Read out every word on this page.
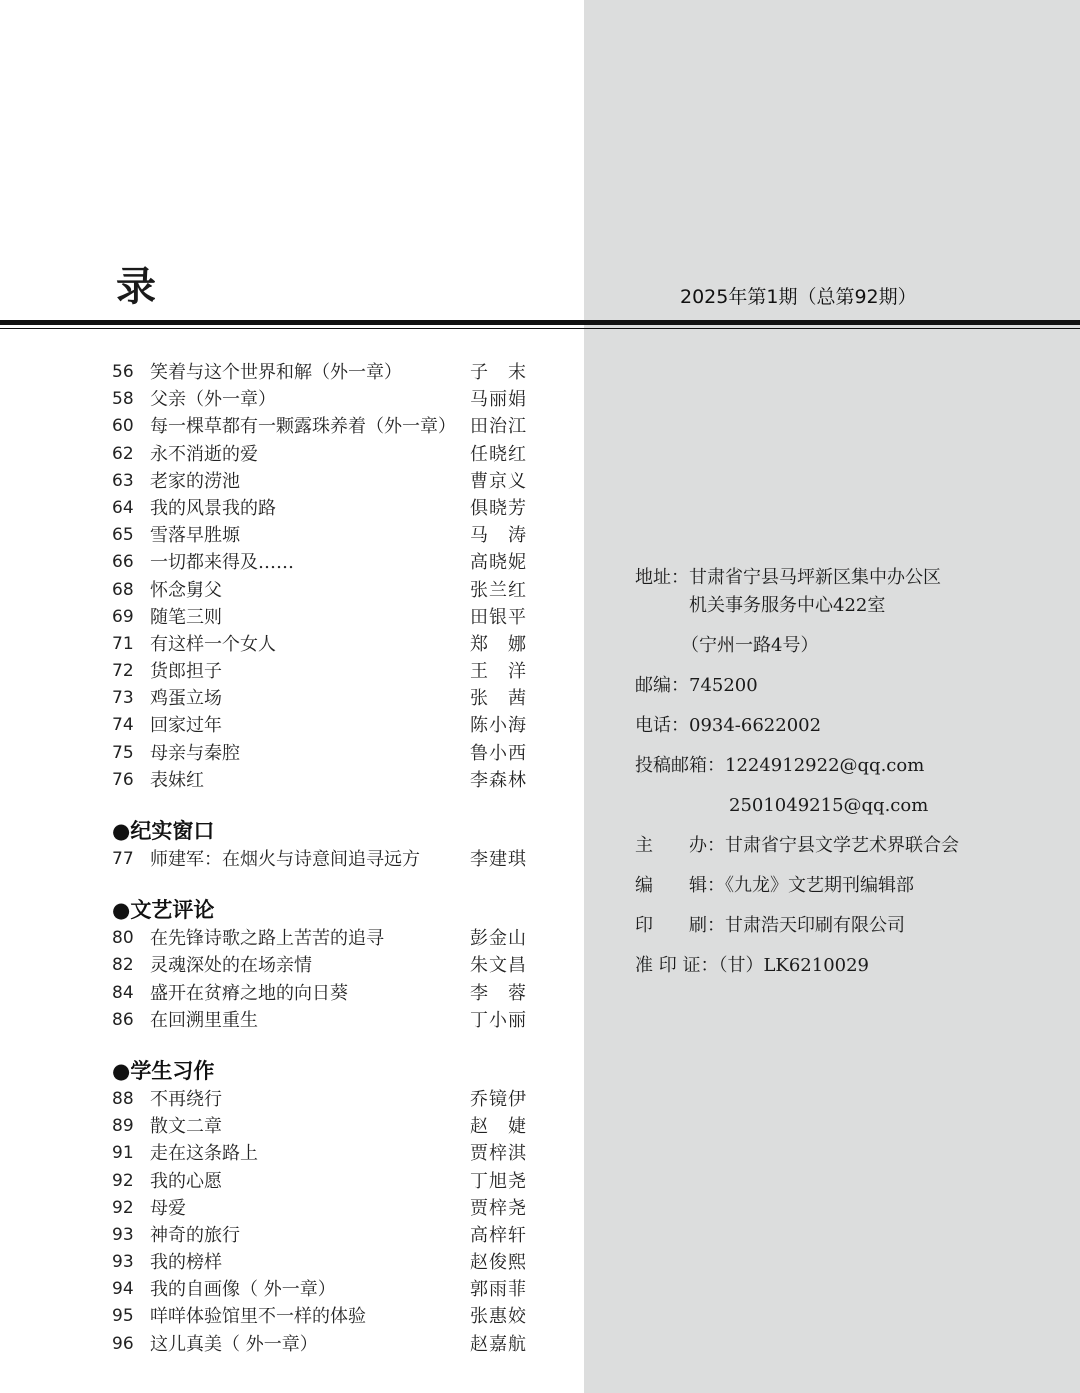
录	2025年第1期（总第92期）
56 笑着与这个世界和解（外一章）	子　末
58 父亲（外一章）	马丽娟
60 每一棵草都有一颗露珠养着（外一章） 田治江
62 永不消逝的爱	任晓红
63 老家的涝池	曹京义
64 我的风景我的路	俱晓芳
65 雪落早胜塬	马　涛
66 一切都来得及……	高晓妮
68 怀念舅父	张兰红
69 随笔三则	田银平
71 有这样一个女人	郑　娜
72 货郎担子	王　洋
73 鸡蛋立场	张　茜
74 回家过年	陈小海
75 母亲与秦腔	鲁小西
76 表妹红	李森林
●纪实窗口
77 师建军：在烟火与诗意间追寻远方	李建琪
●文艺评论
80 在先锋诗歌之路上苦苦的追寻	彭金山
82 灵魂深处的在场亲情	朱文昌
84 盛开在贫瘠之地的向日葵	李　蓉
86 在回溯里重生	丁小丽
●学生习作
88 不再绕行	乔镜伊
89 散文二章	赵　婕
91 走在这条路上	贾梓淇
92 我的心愿	丁旭尧
92 母爱	贾梓尧
93 神奇的旅行	高梓轩
93 我的榜样	赵俊熙
94 我的自画像（ 外一章）	郭雨菲
95 咩咩体验馆里不一样的体验	张惠姣
96 这儿真美（ 外一章）	赵嘉航
地址：甘肃省宁县马坪新区集中办公区
机关事务服务中心422室
（宁州一路4号）
邮编：745200
电话：0934-6622002
投稿邮箱：1224912922@qq.com
2501049215@qq.com
主　　办：甘肃省宁县文学艺术界联合会
编　　辑：《九龙》文艺期刊编辑部
印　　刷：甘肃浩天印刷有限公司
准 印 证：（甘）LK6210029
